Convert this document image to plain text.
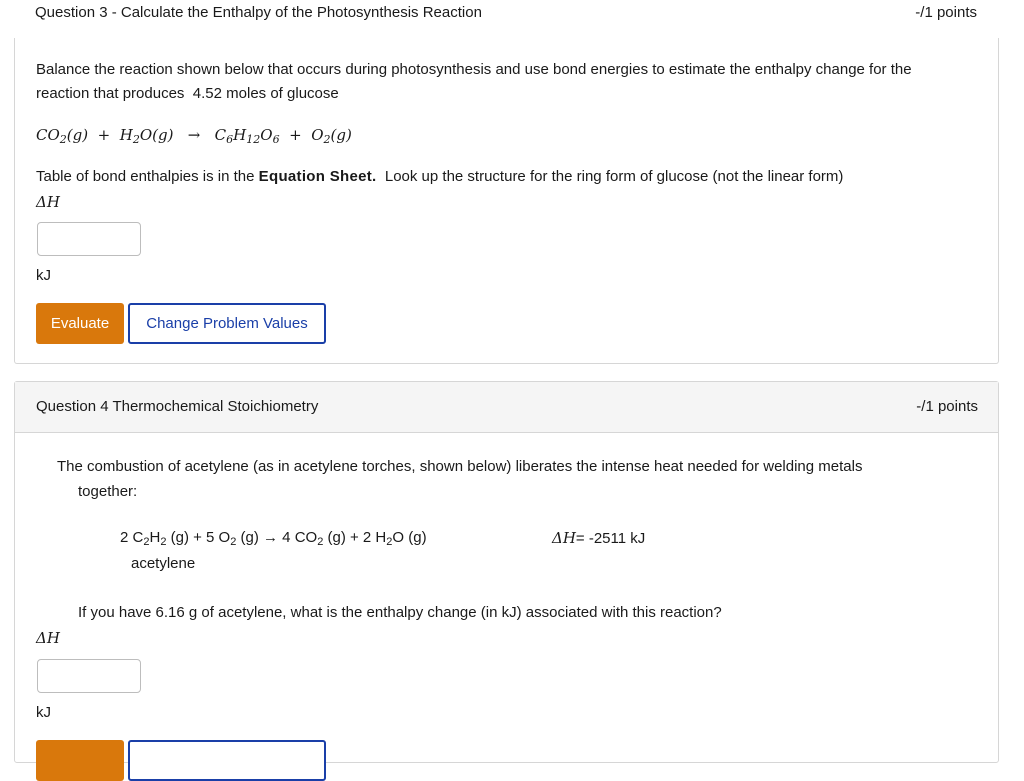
Question 3 - Calculate the Enthalpy of the Photosynthesis Reaction	-/1 points
Balance the reaction shown below that occurs during photosynthesis and use bond energies to estimate the enthalpy change for the
reaction that produces 4.52 moles of glucose
$CO_2(g) + H_2O(g) \to C_6H_{12}O_6 + O_2(g)$
Table of bond enthalpies is in the Equation Sheet. Look up the structure for the ring form of glucose (not the linear form)
ΔH
kJ
Evaluate	Change Problem Values
Question 4 Thermochemical Stoichiometry	-/1 points
The combustion of acetylene (as in acetylene torches, shown below) liberates the intense heat needed for welding metals
together:
2 $C_2H_2$ (g) + 5 $O_2$ (g) → 4 $CO_2$ (g) + 2 $H_2O$ (g)
acetylene
ΔH= -2511 kJ
If you have 6.16 g of acetylene, what is the enthalpy change (in kJ) associated with this reaction?
ΔH
kJ
